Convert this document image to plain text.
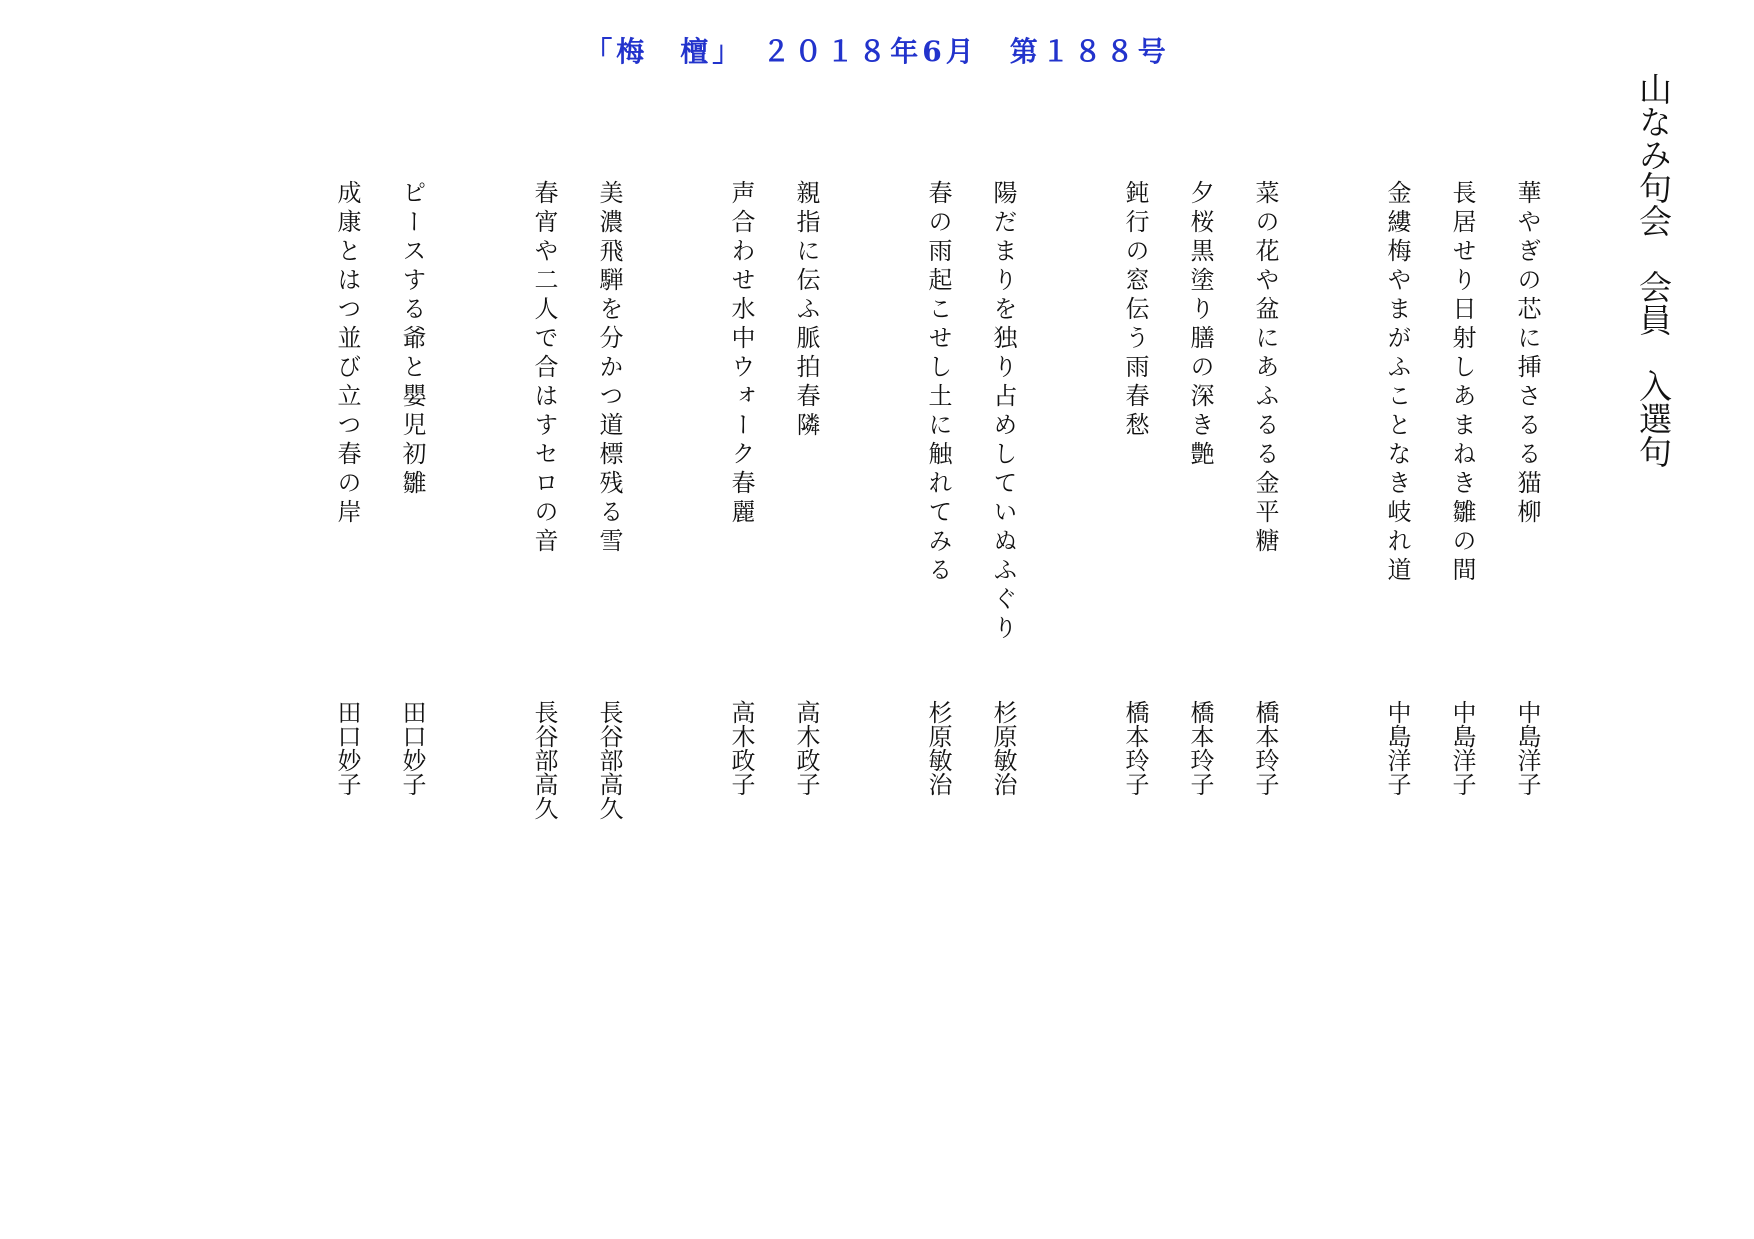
「梅　檀」　２０１８年6月　第１８８号
山なみ句会　会員　入選句
華やぎの芯に挿さるる猫柳
中島洋子
長居せり日射しあまねき雛の間
中島洋子
金縷梅やまがふことなき岐れ道
中島洋子
菜の花や盆にあふるる金平糖
橋本玲子
夕桜黒塗り膳の深き艶
橋本玲子
鈍行の窓伝う雨春愁
橋本玲子
陽だまりを独り占めしていぬふぐり
杉原敏治
春の雨起こせし土に触れてみる
杉原敏治
親指に伝ふ脈拍春隣
高木政子
声合わせ水中ウォーク春麗
高木政子
美濃飛騨を分かつ道標残る雪
長谷部高久
春宵や二人で合はすセロの音
長谷部高久
ピースする爺と嬰児初雛
田口妙子
成康とはつ並び立つ春の岸
田口妙子
